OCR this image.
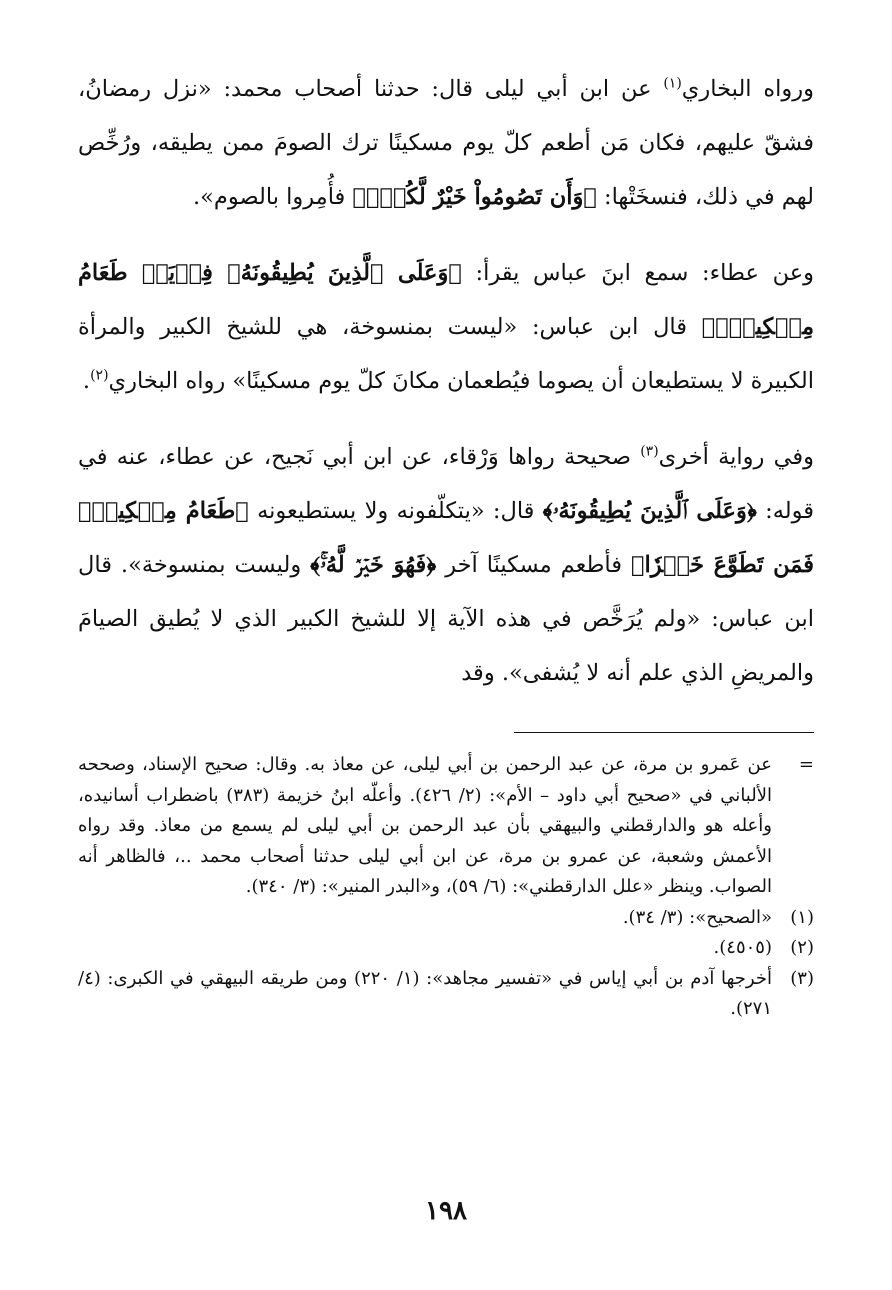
ورواه البخاري$^{(١)}$ عن ابن أبي ليلى قال: حدثنا أصحاب محمد: «نزل رمضانُ، فشقّ عليهم، فكان مَن أطعم كلّ يوم مسكينًا ترك الصومَ ممن يطيقه، ورُخِّص لهم في ذلك، فنسخَتْها: ﴿وَأَن تَصُومُواْ خَيْرٌ لَّكُمْۖ﴾ فأُمِروا بالصوم».

وعن عطاء: سمع ابنَ عباس يقرأ: ﴿وَعَلَى ٱلَّذِينَ يُطِيقُونَهُۥ فِدۡيَةٞ طَعَامُ مِسۡكِينٖۖ﴾ قال ابن عباس: «ليست بمنسوخة، هي للشيخ الكبير والمرأة الكبيرة لا يستطيعان أن يصوما فيُطعمان مكانَ كلّ يوم مسكينًا» رواه البخاري$^{(٢)}$.

وفي رواية أخرى$^{(٣)}$ صحيحة رواها وَرْقاء، عن ابن أبي نَجيح، عن عطاء، عنه في قوله: ﴿وَعَلَى ٱلَّذِينَ يُطِيقُونَهُۥ﴾ قال: «يتكلّفونه ولا يستطيعونه ﴿طَعَامُ مِسۡكِينٖۖ فَمَن تَطَوَّعَ خَيۡرٗا﴾ فأطعم مسكينًا آخر ﴿فَهُوَ خَيۡرٞ لَّهُۥۚ﴾ وليست بمنسوخة». قال ابن عباس: «ولم يُرَخَّص في هذه الآية إلا للشيخ الكبير الذي لا يُطيق الصيامَ والمريضِ الذي علم أنه لا يُشفى». وقد

=
عن عَمرو بن مرة، عن عبد الرحمن بن أبي ليلى، عن معاذ به. وقال: صحيح الإسناد، وصححه الألباني في «صحيح أبي داود – الأم»: (٢/ ٤٢٦). وأعلّه ابنُ خزيمة (٣٨٣) باضطراب أسانيده، وأعله هو والدارقطني والبيهقي بأن عبد الرحمن بن أبي ليلى لم يسمع من معاذ. وقد رواه الأعمش وشعبة، عن عمرو بن مرة، عن ابن أبي ليلى حدثنا أصحاب محمد ..، فالظاهر أنه الصواب. وينظر «علل الدارقطني»: (٦/ ٥٩)، و«البدر المنير»: (٣/ ٣٤٠).
(١)
«الصحيح»: (٣/ ٣٤).
(٢)
(٤٥٠٥).
(٣)
أخرجها آدم بن أبي إياس في «تفسير مجاهد»: (١/ ٢٢٠) ومن طريقه البيهقي في الكبرى: (٤/ ٢٧١).
١٩٨
